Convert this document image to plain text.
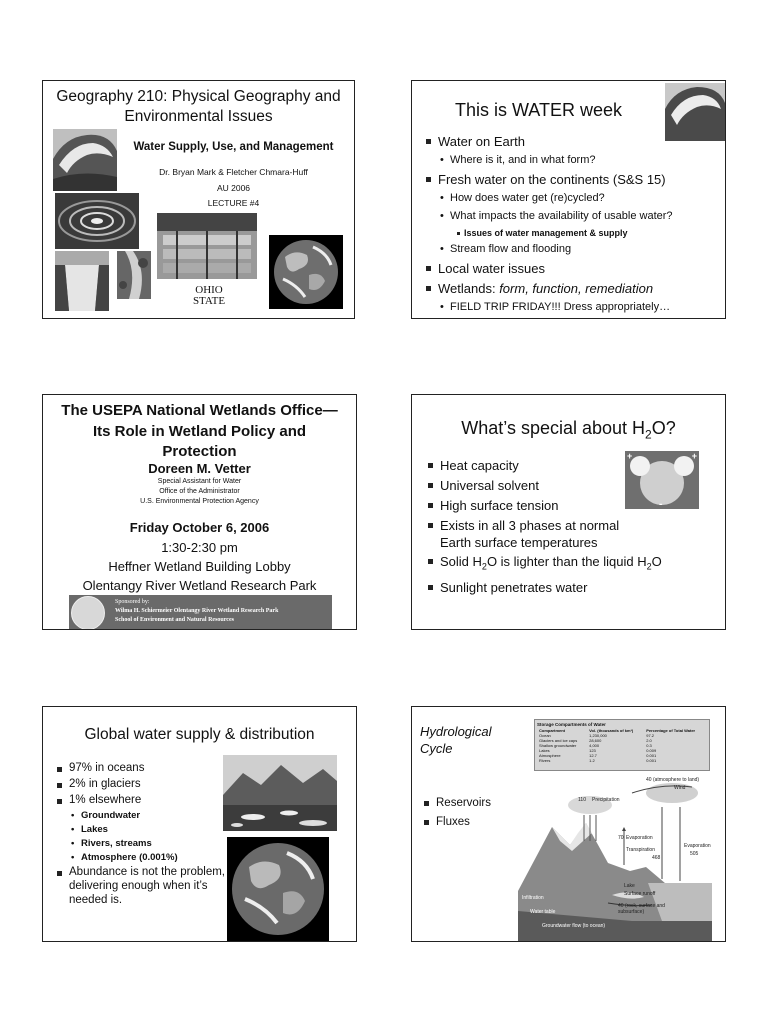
Geography 210: Physical Geography and Environmental Issues
Water Supply, Use, and Management
Dr. Bryan Mark & Fletcher Chmara-Huff
AU 2006
LECTURE #4
OHIO
STATE
This is WATER week
Water on Earth
• Where is it, and in what form?
Fresh water on the continents (S&S 15)
• How does water get (re)cycled?
• What impacts the availability of usable water?
Issues of water management & supply
• Stream flow and flooding
Local water issues
Wetlands: form, function, remediation
• FIELD TRIP FRIDAY!!! Dress appropriately…
The USEPA National Wetlands Office—Its Role in Wetland Policy and Protection
Doreen M. Vetter
Special Assistant for Water
Office of the Administrator
U.S. Environmental Protection Agency
Friday October 6, 2006
1:30-2:30 pm
Heffner Wetland Building Lobby
Olentangy River Wetland Research Park
Sponsored by:
Wilma H. Schiermeier Olentangy River Wetland Research Park
School of Environment and Natural Resources
What’s special about $H_2O$?
+	+
-
Heat capacity
Universal solvent
High surface tension
Exists in all 3 phases at normal Earth surface temperatures
Solid $H_2O$ is lighter than the liquid $H_2O$
Sunlight penetrates water
Global water supply & distribution
97% in oceans
2% in glaciers
1% elsewhere
• Groundwater
• Lakes
• Rivers, streams
• Atmosphere (0.001%)
Abundance is not the problem, delivering enough when it’s needed is.
Hydrological Cycle
Reservoirs
Fluxes
Storage Compartments of Water
Compartment	Vol. (thousands of km³)	Percentage of Total Water
Ocean	1,230,000	97.2
Glaciers and ice caps	28,600	2.0
Shallow groundwater	4,000	0.3
Lakes	123	0.009
Atmosphere	12.7	0.001
Rivers	1.2	0.001
40 (atmosphere to land)
Wind
110 Precipitation
Evaporation
70
Transpiration
Evaporation
505
468
Lake
Surface runoff
40 (rock, surface and subsurface)
Infiltration
Water table
Groundwater flow (to ocean)
